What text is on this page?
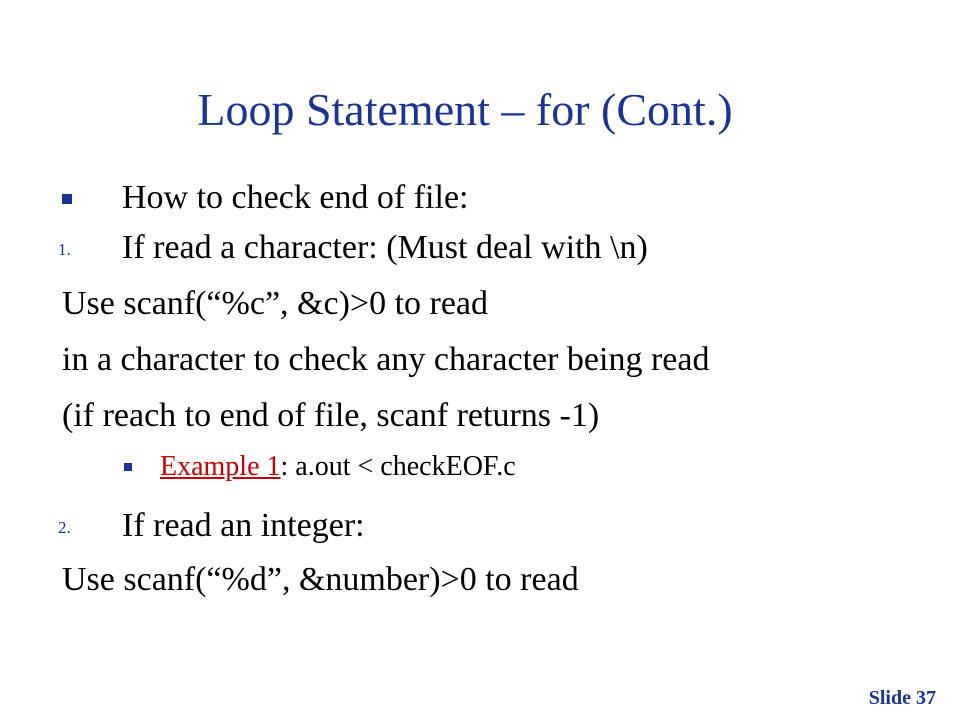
Loop Statement – for (Cont.)
How to check end of file:
1. If read a character: (Must deal with \n)
Use scanf(“%c”, &c)>0 to read
in a character to check any character being read
(if reach to end of file, scanf returns -1)
Example 1: a.out < checkEOF.c
2. If read an integer:
Use scanf(“%d”, &number)>0 to read
Slide 37
